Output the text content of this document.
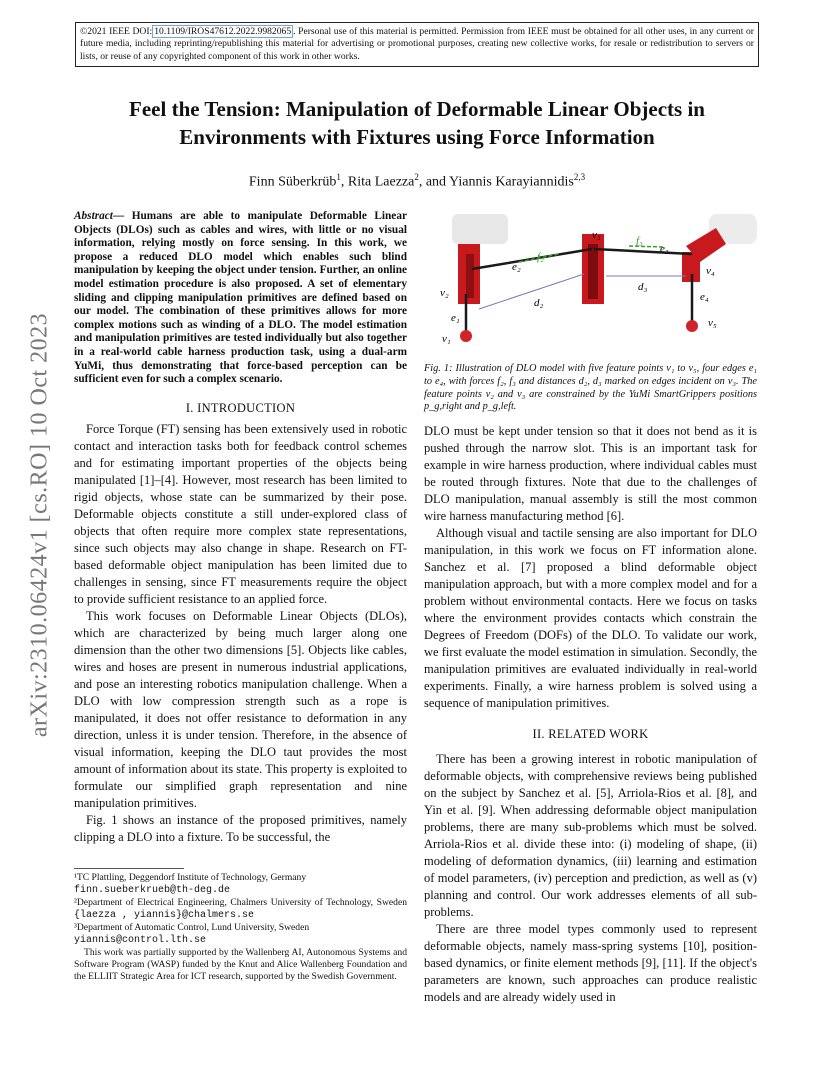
©2021 IEEE DOI: 10.1109/IROS47612.2022.9982065 . Personal use of this material is permitted. Permission from IEEE must be obtained for all other uses, in any current or future media, including reprinting/republishing this material for advertising or promotional purposes, creating new collective works, for resale or redistribution to servers or lists, or reuse of any copyrighted component of this work in other works.
arXiv:2310.06424v1 [cs.RO] 10 Oct 2023
Feel the Tension: Manipulation of Deformable Linear Objects in Environments with Fixtures using Force Information
Finn Süberkrüb$^1$, Rita Laezza$^2$, and Yiannis Karayiannidis$^{2,3}$
Abstract— Humans are able to manipulate Deformable Linear Objects (DLOs) such as cables and wires, with little or no visual information, relying mostly on force sensing. In this work, we propose a reduced DLO model which enables such blind manipulation by keeping the object under tension. Further, an online model estimation procedure is also proposed. A set of elementary sliding and clipping manipulation primitives are defined based on our model. The combination of these primitives allows for more complex motions such as winding of a DLO. The model estimation and manipulation primitives are tested individually but also together in a real-world cable harness production task, using a dual-arm YuMi, thus demonstrating that force-based perception can be sufficient even for such a complex scenario.
I. INTRODUCTION

Force Torque (FT) sensing has been extensively used in robotic contact and interaction tasks both for feedback control schemes and for estimating important properties of the objects being manipulated [1]–[4]. However, most research has been limited to rigid objects, whose state can be summarized by their pose. Deformable objects constitute a still under-explored class of objects that often require more complex state representations, since such objects may also change in shape. Research on FT-based deformable object manipulation has been limited due to challenges in sensing, since FT measurements require the object to provide sufficient resistance to an applied force.

This work focuses on Deformable Linear Objects (DLOs), which are characterized by being much larger along one dimension than the other two dimensions [5]. Objects like cables, wires and hoses are present in numerous industrial applications, and pose an interesting robotics manipulation challenge. When a DLO with low compression strength such as a rope is manipulated, it does not offer resistance to deformation in any direction, unless it is under tension. Therefore, in the absence of visual information, keeping the DLO taut provides the most amount of information about its state. This property is exploited to formulate our simplified graph representation and nine manipulation primitives.

Fig. 1 shows an instance of the proposed primitives, namely clipping a DLO into a fixture. To be successful, the

¹TC Plattling, Deggendorf Institute of Technology, Germany
finn.sueberkrueb@th-deg.de
²Department of Electrical Engineering, Chalmers University of Technology, Sweden {laezza , yiannis}@chalmers.se
³Department of Automatic Control, Lund University, Sweden
yiannis@control.lth.se
This work was partially supported by the Wallenberg AI, Autonomous Systems and Software Program (WASP) funded by the Knut and Alice Wallenberg Foundation and the ELLIIT Strategic Area for ICT research, supported by the Swedish Government.
v₂
v₁
e₁
e₂
f₂
d₂
v₃	f₃
e₃
d₃
v₄
e₄
v₅
Fig. 1: Illustration of DLO model with five feature points v₁ to v₅, four edges e₁ to e₄, with forces f₂, f₃ and distances d₂, d₃ marked on edges incident on v₃. The feature points v₂ and v₃ are constrained by the YuMi SmartGrippers positions p_g,right and p_g,left.

DLO must be kept under tension so that it does not bend as it is pushed through the narrow slot. This is an important task for example in wire harness production, where individual cables must be routed through fixtures. Note that due to the challenges of DLO manipulation, manual assembly is still the most common wire harness manufacturing method [6].

Although visual and tactile sensing are also important for DLO manipulation, in this work we focus on FT information alone. Sanchez et al. [7] proposed a blind deformable object manipulation approach, but with a more complex model and for a problem without environmental contacts. Here we focus on tasks where the environment provides contacts which constrain the Degrees of Freedom (DOFs) of the DLO. To validate our work, we first evaluate the model estimation in simulation. Secondly, the manipulation primitives are evaluated individually in real-world experiments. Finally, a wire harness problem is solved using a sequence of manipulation primitives.

II. RELATED WORK

There has been a growing interest in robotic manipulation of deformable objects, with comprehensive reviews being published on the subject by Sanchez et al. [5], Arriola-Rios et al. [8], and Yin et al. [9]. When addressing deformable object manipulation problems, there are many sub-problems which must be solved. Arriola-Rios et al. divide these into: (i) modeling of shape, (ii) modeling of deformation dynamics, (iii) learning and estimation of model parameters, (iv) perception and prediction, as well as (v) planning and control. Our work addresses elements of all sub-problems.

There are three model types commonly used to represent deformable objects, namely mass-spring systems [10], position-based dynamics, or finite element methods [9], [11]. If the object's parameters are known, such approaches can produce realistic models and are already widely used in
